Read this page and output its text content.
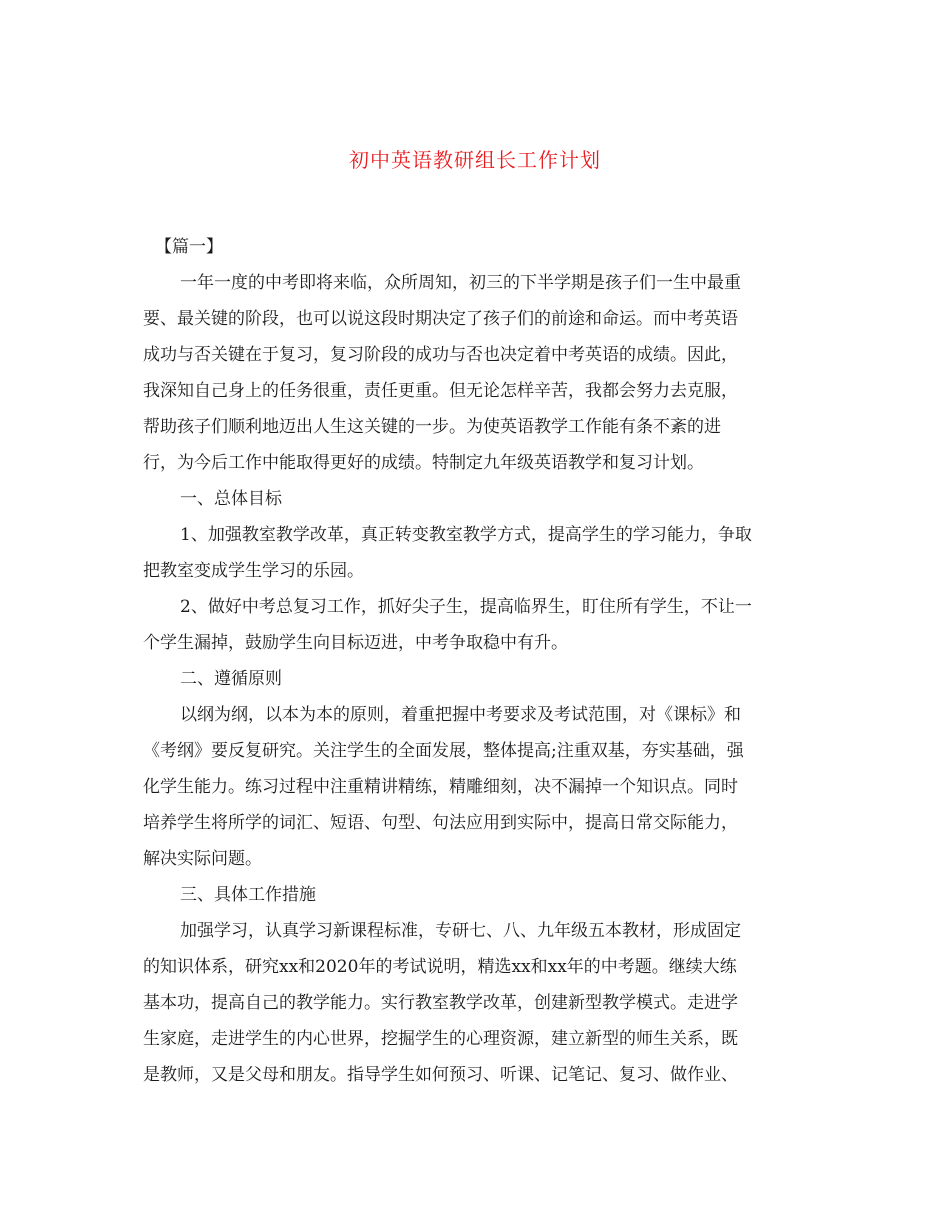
初中英语教研组长工作计划
【篇一】
一年一度的中考即将来临，众所周知，初三的下半学期是孩子们一生中最重
要、最关键的阶段，也可以说这段时期决定了孩子们的前途和命运。而中考英语
成功与否关键在于复习，复习阶段的成功与否也决定着中考英语的成绩。因此，
我深知自己身上的任务很重，责任更重。但无论怎样辛苦，我都会努力去克服，
帮助孩子们顺利地迈出人生这关键的一步。为使英语教学工作能有条不紊的进
行，为今后工作中能取得更好的成绩。特制定九年级英语教学和复习计划。
一、总体目标
1、加强教室教学改革，真正转变教室教学方式，提高学生的学习能力，争取
把教室变成学生学习的乐园。
2、做好中考总复习工作，抓好尖子生，提高临界生，盯住所有学生，不让一
个学生漏掉，鼓励学生向目标迈进，中考争取稳中有升。
二、遵循原则
以纲为纲，以本为本的原则，着重把握中考要求及考试范围，对《课标》和
《考纲》要反复研究。关注学生的全面发展，整体提高;注重双基，夯实基础，强
化学生能力。练习过程中注重精讲精练，精雕细刻，决不漏掉一个知识点。同时
培养学生将所学的词汇、短语、句型、句法应用到实际中，提高日常交际能力，
解决实际问题。
三、具体工作措施
加强学习，认真学习新课程标准，专研七、八、九年级五本教材，形成固定
的知识体系，研究xx和2020年的考试说明，精选xx和xx年的中考题。继续大练
基本功，提高自己的教学能力。实行教室教学改革，创建新型教学模式。走进学
生家庭，走进学生的内心世界，挖掘学生的心理资源，建立新型的师生关系，既
是教师，又是父母和朋友。指导学生如何预习、听课、记笔记、复习、做作业、
